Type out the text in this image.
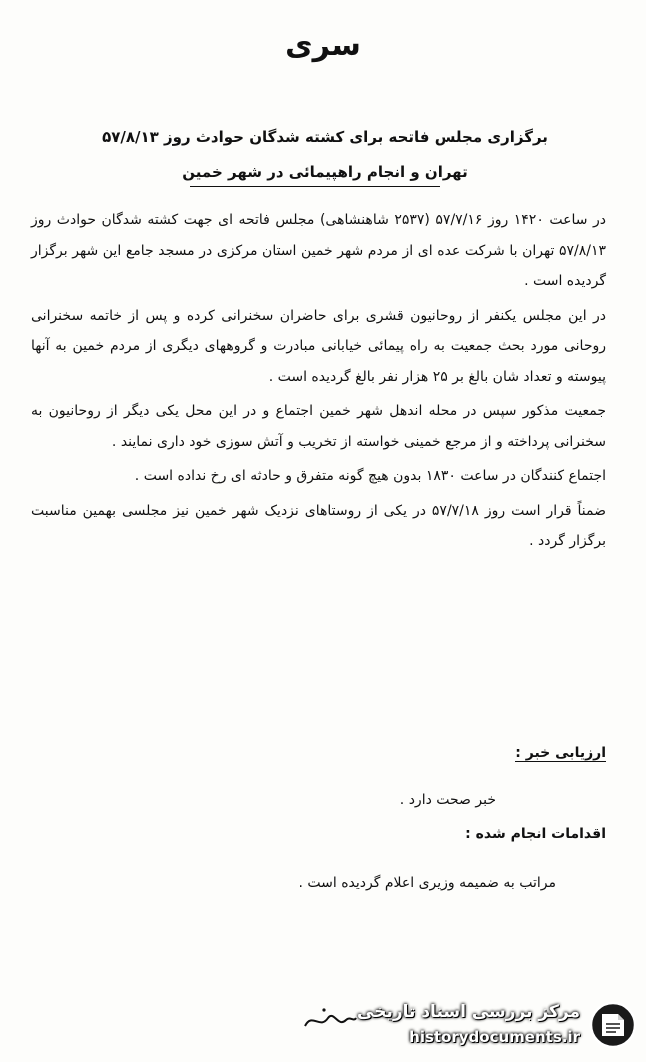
سری
برگزاری مجلس فاتحه برای کشته شدگان حوادث روز ۵۷/۸/۱۳
تهران و انجام راهپیمائی در شهر خمین

در ساعت ۱۴۲۰ روز ۵۷/۷/۱۶ (۲۵۳۷ شاهنشاهی) مجلس فاتحه ای جهت کشته شدگان حوادث روز ۵۷/۸/۱۳ تهران با شرکت عده ای از مردم شهر خمین استان مرکزی در مسجد جامع این شهر برگزار گردیده است .

در این مجلس یکنفر از روحانیون قشری برای حاضران سخنرانی کرده و پس از خاتمه سخنرانی روحانی مورد بحث جمعیت به راه پیمائی خیابانی مبادرت و گروههای دیگری از مردم خمین به آنها پیوسته و تعداد شان بالغ بر ۲۵ هزار نفر بالغ گردیده است .

جمعیت مذکور سپس در محله اندهل شهر خمین اجتماع و در این محل یکی دیگر از روحانیون به سخنرانی پرداخته و از مرجع خمینی خواسته از تخریب و آتش سوزی خود داری نمایند .

اجتماع کنندگان در ساعت ۱۸۳۰ بدون هیچ گونه متفرق و حادثه ای رخ نداده است .

ضمناً قرار است روز ۵۷/۷/۱۸ در یکی از روستاهای نزدیک شهر خمین نیز مجلسی بهمین مناسبت برگزار گردد .

ارزیابی خبر :
خبر صحت دارد .
اقدامات انجام شده :
مراتب به ضمیمه وزیری اعلام گردیده است .
مرکز بررسی اسناد تاریخی
historydocuments.ir
